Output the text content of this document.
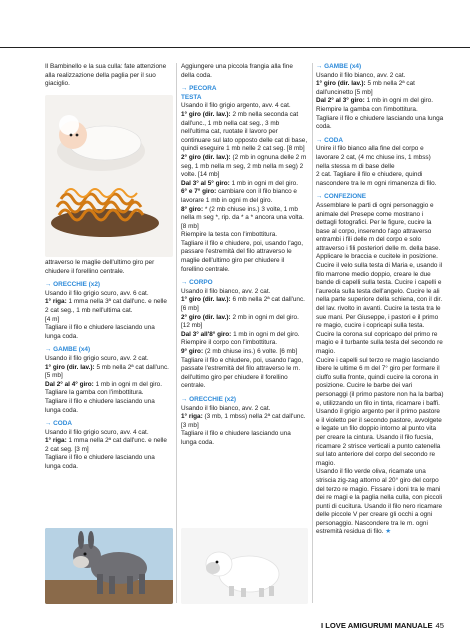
Il Bambinello e la sua culla: fate attenzione alla realizzazione della paglia per il suo giaciglio.

attraverso le maglie dell'ultimo giro per chiudere il forellino centrale.

→ ORECCHIE (x2)

Usando il filo grigio scuro, avv. 6 cat.

1° riga: 1 mma nella 3ª cat dall'unc. e nelle 2 cat seg., 1 mb nell'ultima cat.

[4 m]

Tagliare il filo e chiudere lasciando una lunga coda.

→ GAMBE (x4)

Usando il filo grigio scuro, avv. 2 cat.

1° giro (dir. lav.): 5 mb nella 2ª cat dall'unc. [5 mb]

Dal 2° al 4° giro: 1 mb in ogni m del giro.

Tagliare la gamba con l'imbottitura.

Tagliare il filo e chiudere lasciando una lunga coda.

→ CODA

Usando il filo grigio scuro, avv. 4 cat.

1° riga: 1 mma nella 2ª cat dall'unc. e nelle 2 cat seg. [3 m]

Tagliare il filo e chiudere lasciando una lunga coda.

Aggiungere una piccola frangia alla fine della coda.

→ PECORA
TESTA

Usando il filo grigio argento, avv. 4 cat.

1° giro (dir. lav.): 2 mb nella seconda cat dall'unc., 1 mb nella cat seg., 3 mb nell'ultima cat, ruotate il lavoro per continuare sul lato opposto delle cat di base, quindi eseguire 1 mb nelle 2 cat seg. [8 mb]

2° giro (dir. lav.): (2 mb in ognuna delle 2 m seg, 1 mb nella m seg, 2 mb nella m seg) 2 volte. [14 mb]

Dal 3° al 5° giro: 1 mb in ogni m del giro.

6° e 7° giro: cambiare con il filo bianco e lavorare 1 mb in ogni m del giro.

8° giro: * (2 mb chiuse ins.) 3 volte, 1 mb nella m seg *, rip. da * a * ancora una volta. [8 mb]

Riempire la testa con l'imbottitura.

Tagliare il filo e chiudere, poi, usando l'ago, passare l'estremità del filo attraverso le maglie dell'ultimo giro per chiudere il forellino centrale.

→ CORPO

Usando il filo bianco, avv. 2 cat.

1° giro (dir. lav.): 6 mb nella 2ª cat dall'unc. [6 mb]

2° giro (dir. lav.): 2 mb in ogni m del giro. [12 mb]

Dal 3° all'8° giro: 1 mb in ogni m del giro.

Riempire il corpo con l'imbottitura.

9° giro: (2 mb chiuse ins.) 6 volte. [6 mb]

Tagliare il filo e chiudere, poi, usando l'ago, passate l'estremità del filo attraverso le m. dell'ultimo giro per chiudere il forellino centrale.

→ ORECCHIE (x2)

Usando il filo bianco, avv. 2 cat.

1° riga: (3 mb, 1 mbss) nella 2ª cat dall'unc. [3 mb]

Tagliare il filo e chiudere lasciando una lunga coda.

→ GAMBE (x4)

Usando il filo bianco, avv. 2 cat.

1° giro (dir. lav.): 5 mb nella 2ª cat dall'uncinetto [5 mb]

Dal 2° al 3° giro: 1 mb in ogni m del giro.

Riempire la gamba con l'imbottitura.

Tagliare il filo e chiudere lasciando una lunga coda.

→ CODA

Unire il filo bianco alla fine del corpo e lavorare 2 cat, (4 mc chiuse ins, 1 mbss) nella stessa m di base delle

2 cat. Tagliare il filo e chiudere, quindi nascondere tra le m ogni rimanenza di filo.

→ CONFEZIONE

Assemblare le parti di ogni personaggio e animale del Presepe come mostrano i dettagli fotografici. Per le figure, cucire la base al corpo, inserendo l'ago attraverso entrambi i fili delle m del corpo e solo attraverso i fili posteriori delle m. della base. Applicare le braccia e cucitele in posizione. Cucire il velo sulla testa di Maria e, usando il filo marrone medio doppio, creare le due bande di capelli sulla testa. Cucire i capelli e l'aureola sulla testa dell'angelo. Cucire le ali nella parte superiore della schiena, con il dir. del lav. rivolto in avanti. Cucire la testa tra le sue mani. Per Giuseppe, i pastori e il primo re magio, cucire i copricapi sulla testa. Cucire la corona sul copricapo del primo re magio e il turbante sulla testa del secondo re magio.

Cucire i capelli sul terzo re magio lasciando libere le ultime 6 m del 7° giro per formare il ciuffo sulla fronte, quindi cucire la corona in posizione. Cucire le barbe dei vari personaggi (il primo pastore non ha la barba) e, utilizzando un filo in tinta, ricamare i baffi. Usando il grigio argento per il primo pastore e il violetto per il secondo pastore, avvolgete e legate un filo doppio intorno al punto vita per creare la cintura. Usando il filo fucsia, ricamare 2 strisce verticali a punto catenella sul lato anteriore del corpo del secondo re magio.

Usando il filo verde oliva, ricamate una striscia zig-zag attorno al 20° giro del corpo del terzo re magio. Fissare i doni tra le mani dei re magi e la paglia nella culla, con piccoli punti di cucitura. Usando il filo nero ricamare delle piccole V per creare gli occhi a ogni personaggio. Nascondere tra le m. ogni estremità residua di filo. ★

I LOVE AMIGURUMI MANUALE 45
